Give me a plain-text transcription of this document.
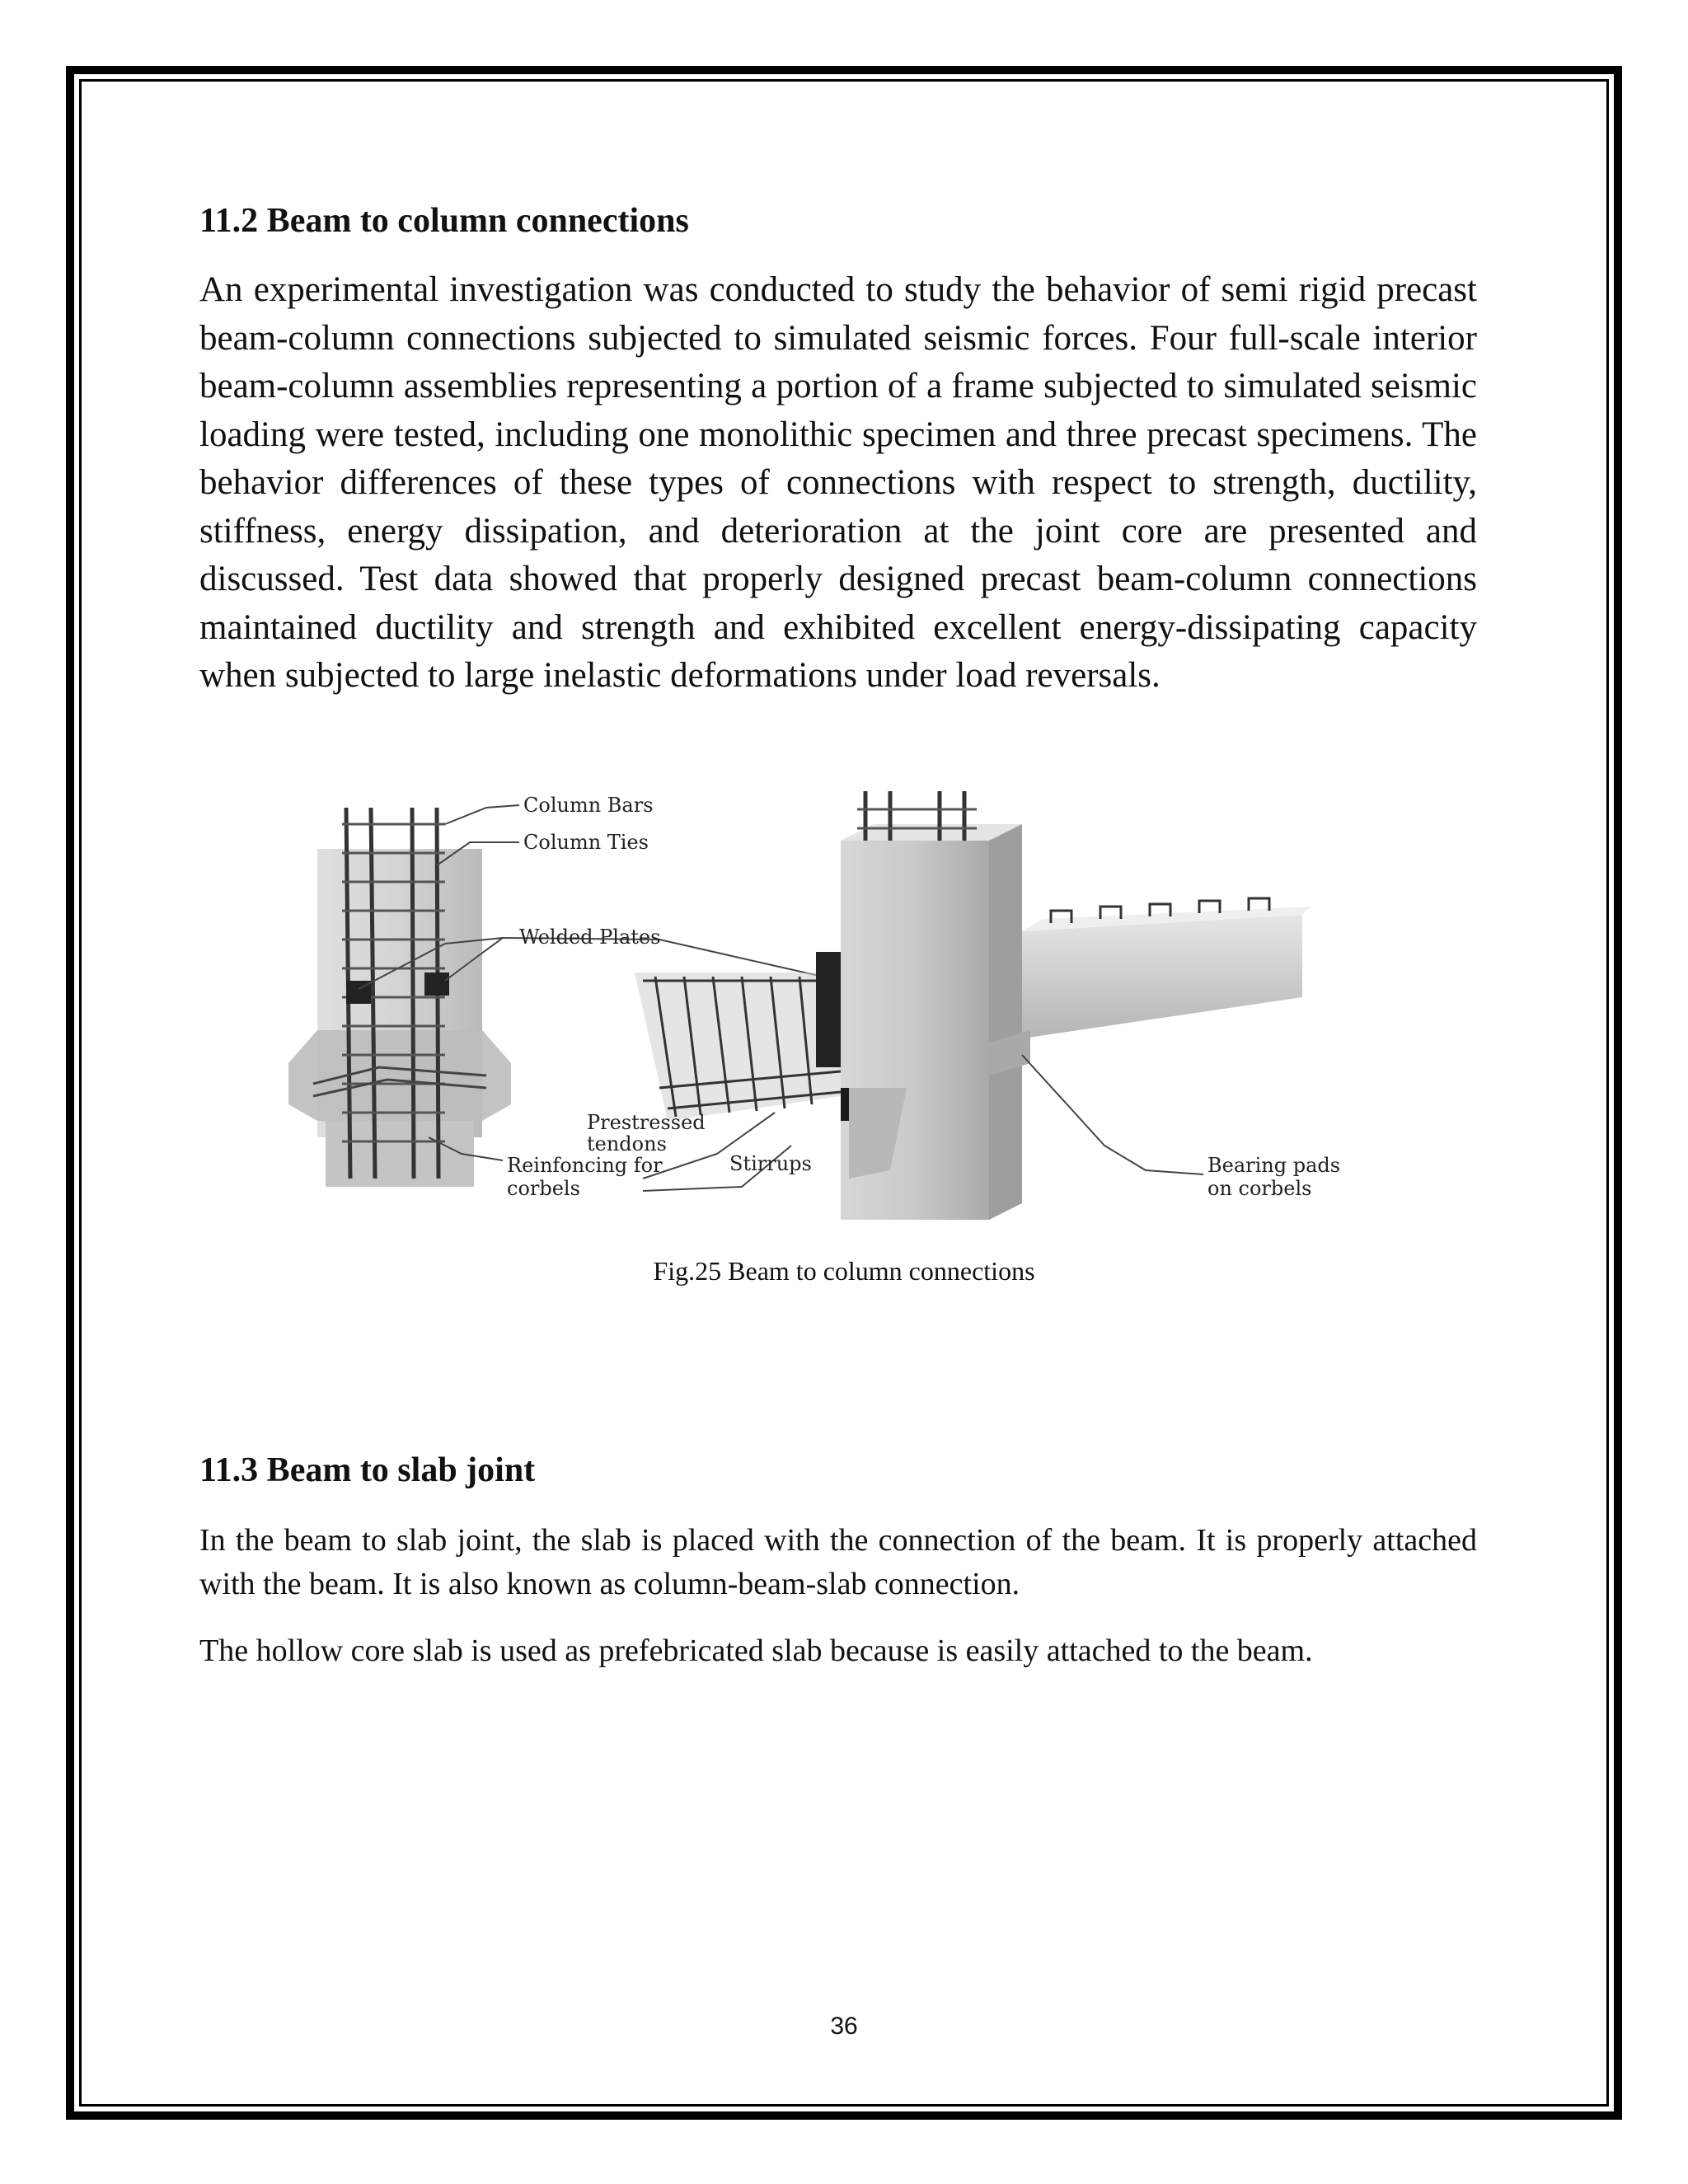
11.2 Beam to column connections

An experimental investigation was conducted to study the behavior of semi rigid precast beam-column connections subjected to simulated seismic forces. Four full-scale interior beam-column assemblies representing a portion of a frame subjected to simulated seismic loading were tested, including one monolithic specimen and three precast specimens. The behavior differences of these types of connections with respect to strength, ductility, stiffness, energy dissipation, and deterioration at the joint core are presented and discussed. Test data showed that properly designed precast beam-column connections maintained ductility and strength and exhibited excellent energy-dissipating capacity when subjected to large inelastic deformations under load reversals.

Column Bars
Column Ties
Welded Plates
Prestressed
tendons
Reinfoncing for
corbels
Stirrups	Bearing pads
on corbels
Fig.25 Beam to column connections
11.3 Beam to slab joint

In the beam to slab joint, the slab is placed with the connection of the beam. It is properly attached with the beam. It is also known as column-beam-slab connection.

The hollow core slab is used as prefebricated slab because is easily attached to the beam.

36
